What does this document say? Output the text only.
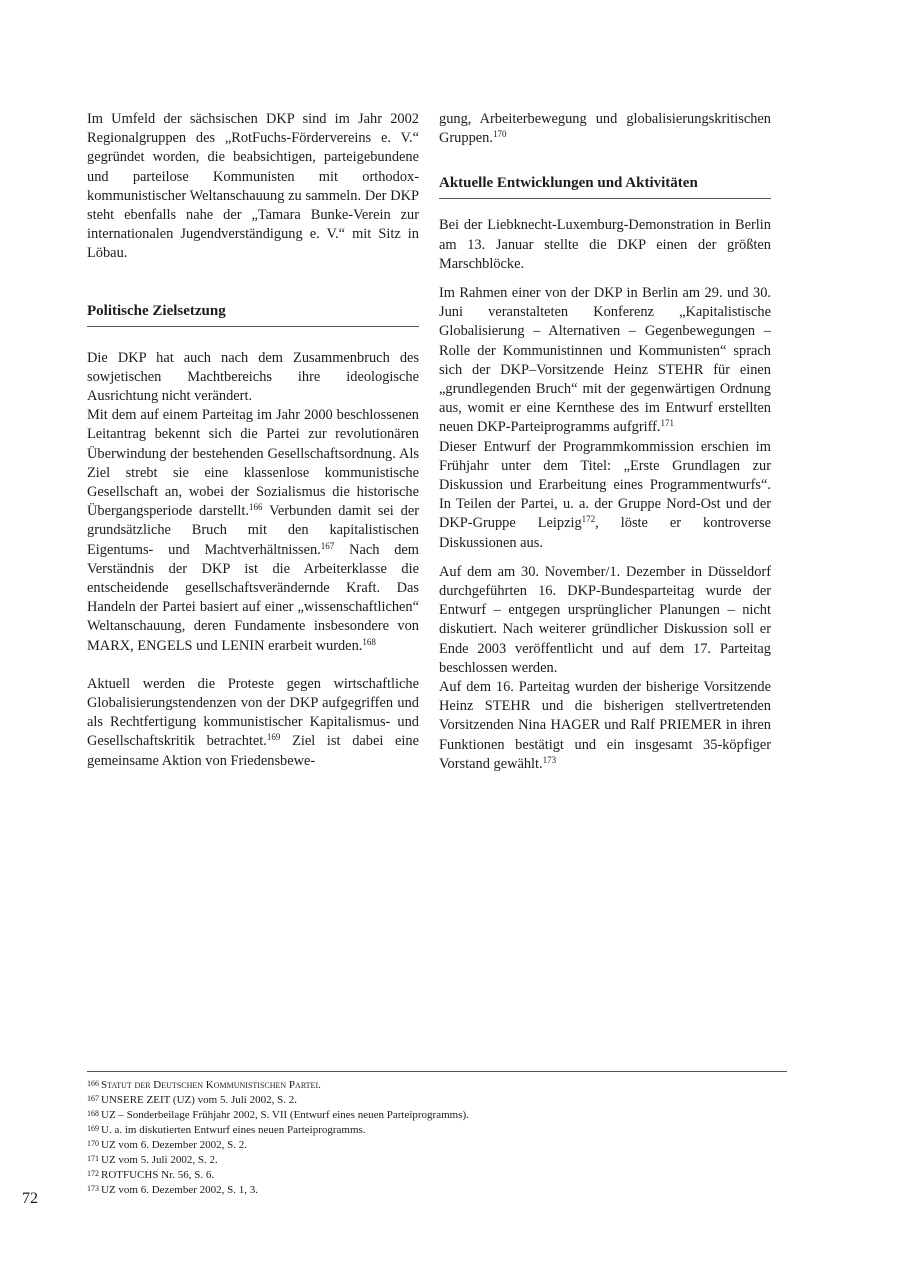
Im Umfeld der sächsischen DKP sind im Jahr 2002 Regionalgruppen des „RotFuchs-Fördervereins e. V.“ gegründet worden, die beabsichtigen, parteigebundene und parteilose Kommunisten mit orthodox-kommunistischer Weltanschauung zu sammeln. Der DKP steht ebenfalls nahe der „Tamara Bunke-Verein zur internationalen Jugendverständigung e. V.“ mit Sitz in Löbau.

Politische Zielsetzung

Die DKP hat auch nach dem Zusammenbruch des sowjetischen Machtbereichs ihre ideologische Ausrichtung nicht verändert.

Mit dem auf einem Parteitag im Jahr 2000 beschlossenen Leitantrag bekennt sich die Partei zur revolutionären Überwindung der bestehenden Gesellschaftsordnung. Als Ziel strebt sie eine klassenlose kommunistische Gesellschaft an, wobei der Sozialismus die historische Übergangsperiode darstellt.$^{166}$ Verbunden damit sei der grundsätzliche Bruch mit den kapitalistischen Eigentums- und Machtverhältnissen.$^{167}$ Nach dem Verständnis der DKP ist die Arbeiterklasse die entscheidende gesellschaftsverändernde Kraft. Das Handeln der Partei basiert auf einer „wissenschaftlichen“ Weltanschauung, deren Fundamente insbesondere von MARX, ENGELS und LENIN erarbeit wurden.$^{168}$

Aktuell werden die Proteste gegen wirtschaftliche Globalisierungstendenzen von der DKP aufgegriffen und als Rechtfertigung kommunistischer Kapitalismus- und Gesellschaftskritik betrachtet.$^{169}$ Ziel ist dabei eine gemeinsame Aktion von Friedensbewe-

gung, Arbeiterbewegung und globalisierungskritischen Gruppen.$^{170}$

Aktuelle Entwicklungen und Aktivitäten

Bei der Liebknecht-Luxemburg-Demonstration in Berlin am 13. Januar stellte die DKP einen der größten Marschblöcke.

Im Rahmen einer von der DKP in Berlin am 29. und 30. Juni veranstalteten Konferenz „Kapitalistische Globalisierung – Alternativen – Gegenbewegungen – Rolle der Kommunistinnen und Kommunisten“ sprach sich der DKP–Vorsitzende Heinz STEHR für einen „grundlegenden Bruch“ mit der gegenwärtigen Ordnung aus, womit er eine Kernthese des im Entwurf erstellten neuen DKP-Parteiprogramms aufgriff.$^{171}$

Dieser Entwurf der Programmkommission erschien im Frühjahr unter dem Titel: „Erste Grundlagen zur Diskussion und Erarbeitung eines Programmentwurfs“. In Teilen der Partei, u. a. der Gruppe Nord-Ost und der DKP-Gruppe Leipzig$^{172}$, löste er kontroverse Diskussionen aus.

Auf dem am 30. November/1. Dezember in Düsseldorf durchgeführten 16. DKP-Bundesparteitag wurde der Entwurf – entgegen ursprünglicher Planungen – nicht diskutiert. Nach weiterer gründlicher Diskussion soll er Ende 2003 veröffentlicht und auf dem 17. Parteitag beschlossen werden.

Auf dem 16. Parteitag wurden der bisherige Vorsitzende Heinz STEHR und die bisherigen stellvertretenden Vorsitzenden Nina HAGER und Ralf PRIEMER in ihren Funktionen bestätigt und ein insgesamt 35-köpfiger Vorstand gewählt.$^{173}$

166 Statut der Deutschen Kommunistischen Partei.
167 UNSERE ZEIT (UZ) vom 5. Juli 2002, S. 2.
168 UZ – Sonderbeilage Frühjahr 2002, S. VII (Entwurf eines neuen Parteiprogramms).
169 U. a. im diskutierten Entwurf eines neuen Parteiprogramms.
170 UZ vom 6. Dezember 2002, S. 2.
171 UZ vom 5. Juli 2002, S. 2.
172 ROTFUCHS Nr. 56, S. 6.
173 UZ vom 6. Dezember 2002, S. 1, 3.
72
